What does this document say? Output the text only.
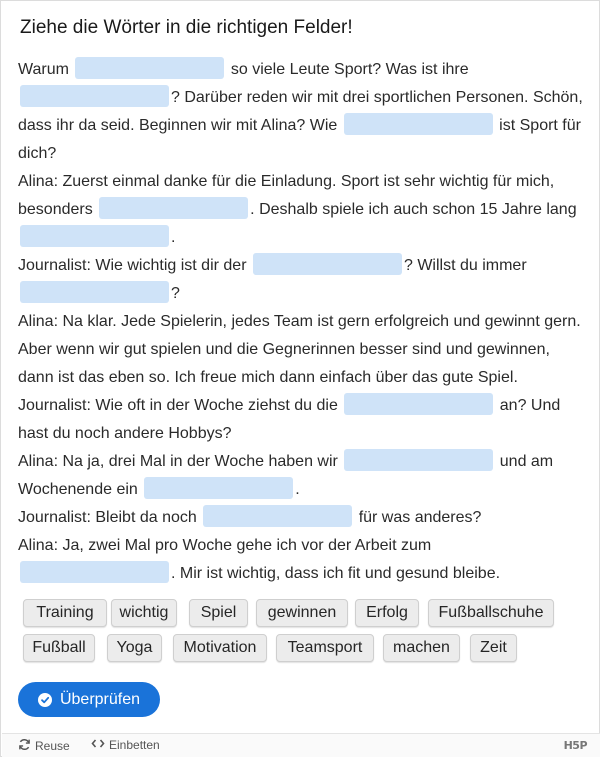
Ziehe die Wörter in die richtigen Felder!
Warum	so viele Leute Sport? Was ist ihre
? Darüber reden wir mit drei sportlichen Personen. Schön, dass ihr da seid. Beginnen wir mit Alina? Wie	ist Sport für dich?
Alina: Zuerst einmal danke für die Einladung. Sport ist sehr wichtig für mich, besonders	. Deshalb spiele ich auch schon 15 Jahre lang
.
Journalist: Wie wichtig ist dir der	? Willst du immer
?
Alina: Na klar. Jede Spielerin, jedes Team ist gern erfolgreich und gewinnt gern. Aber wenn wir gut spielen und die Gegnerinnen besser sind und gewinnen, dann ist das eben so. Ich freue mich dann einfach über das gute Spiel.
Journalist: Wie oft in der Woche ziehst du die	an? Und hast du noch andere Hobbys?
Alina: Na ja, drei Mal in der Woche haben wir	und am Wochenende ein	.
Journalist: Bleibt da noch	für was anderes?
Alina: Ja, zwei Mal pro Woche gehe ich vor der Arbeit zum
. Mir ist wichtig, dass ich fit und gesund bleibe.
Training	wichtig	Spiel	gewinnen	Erfolg	Fußballschuhe
Fußball	Yoga	Motivation	Teamsport	machen	Zeit
Überprüfen
Reuse	Einbetten	H5P
